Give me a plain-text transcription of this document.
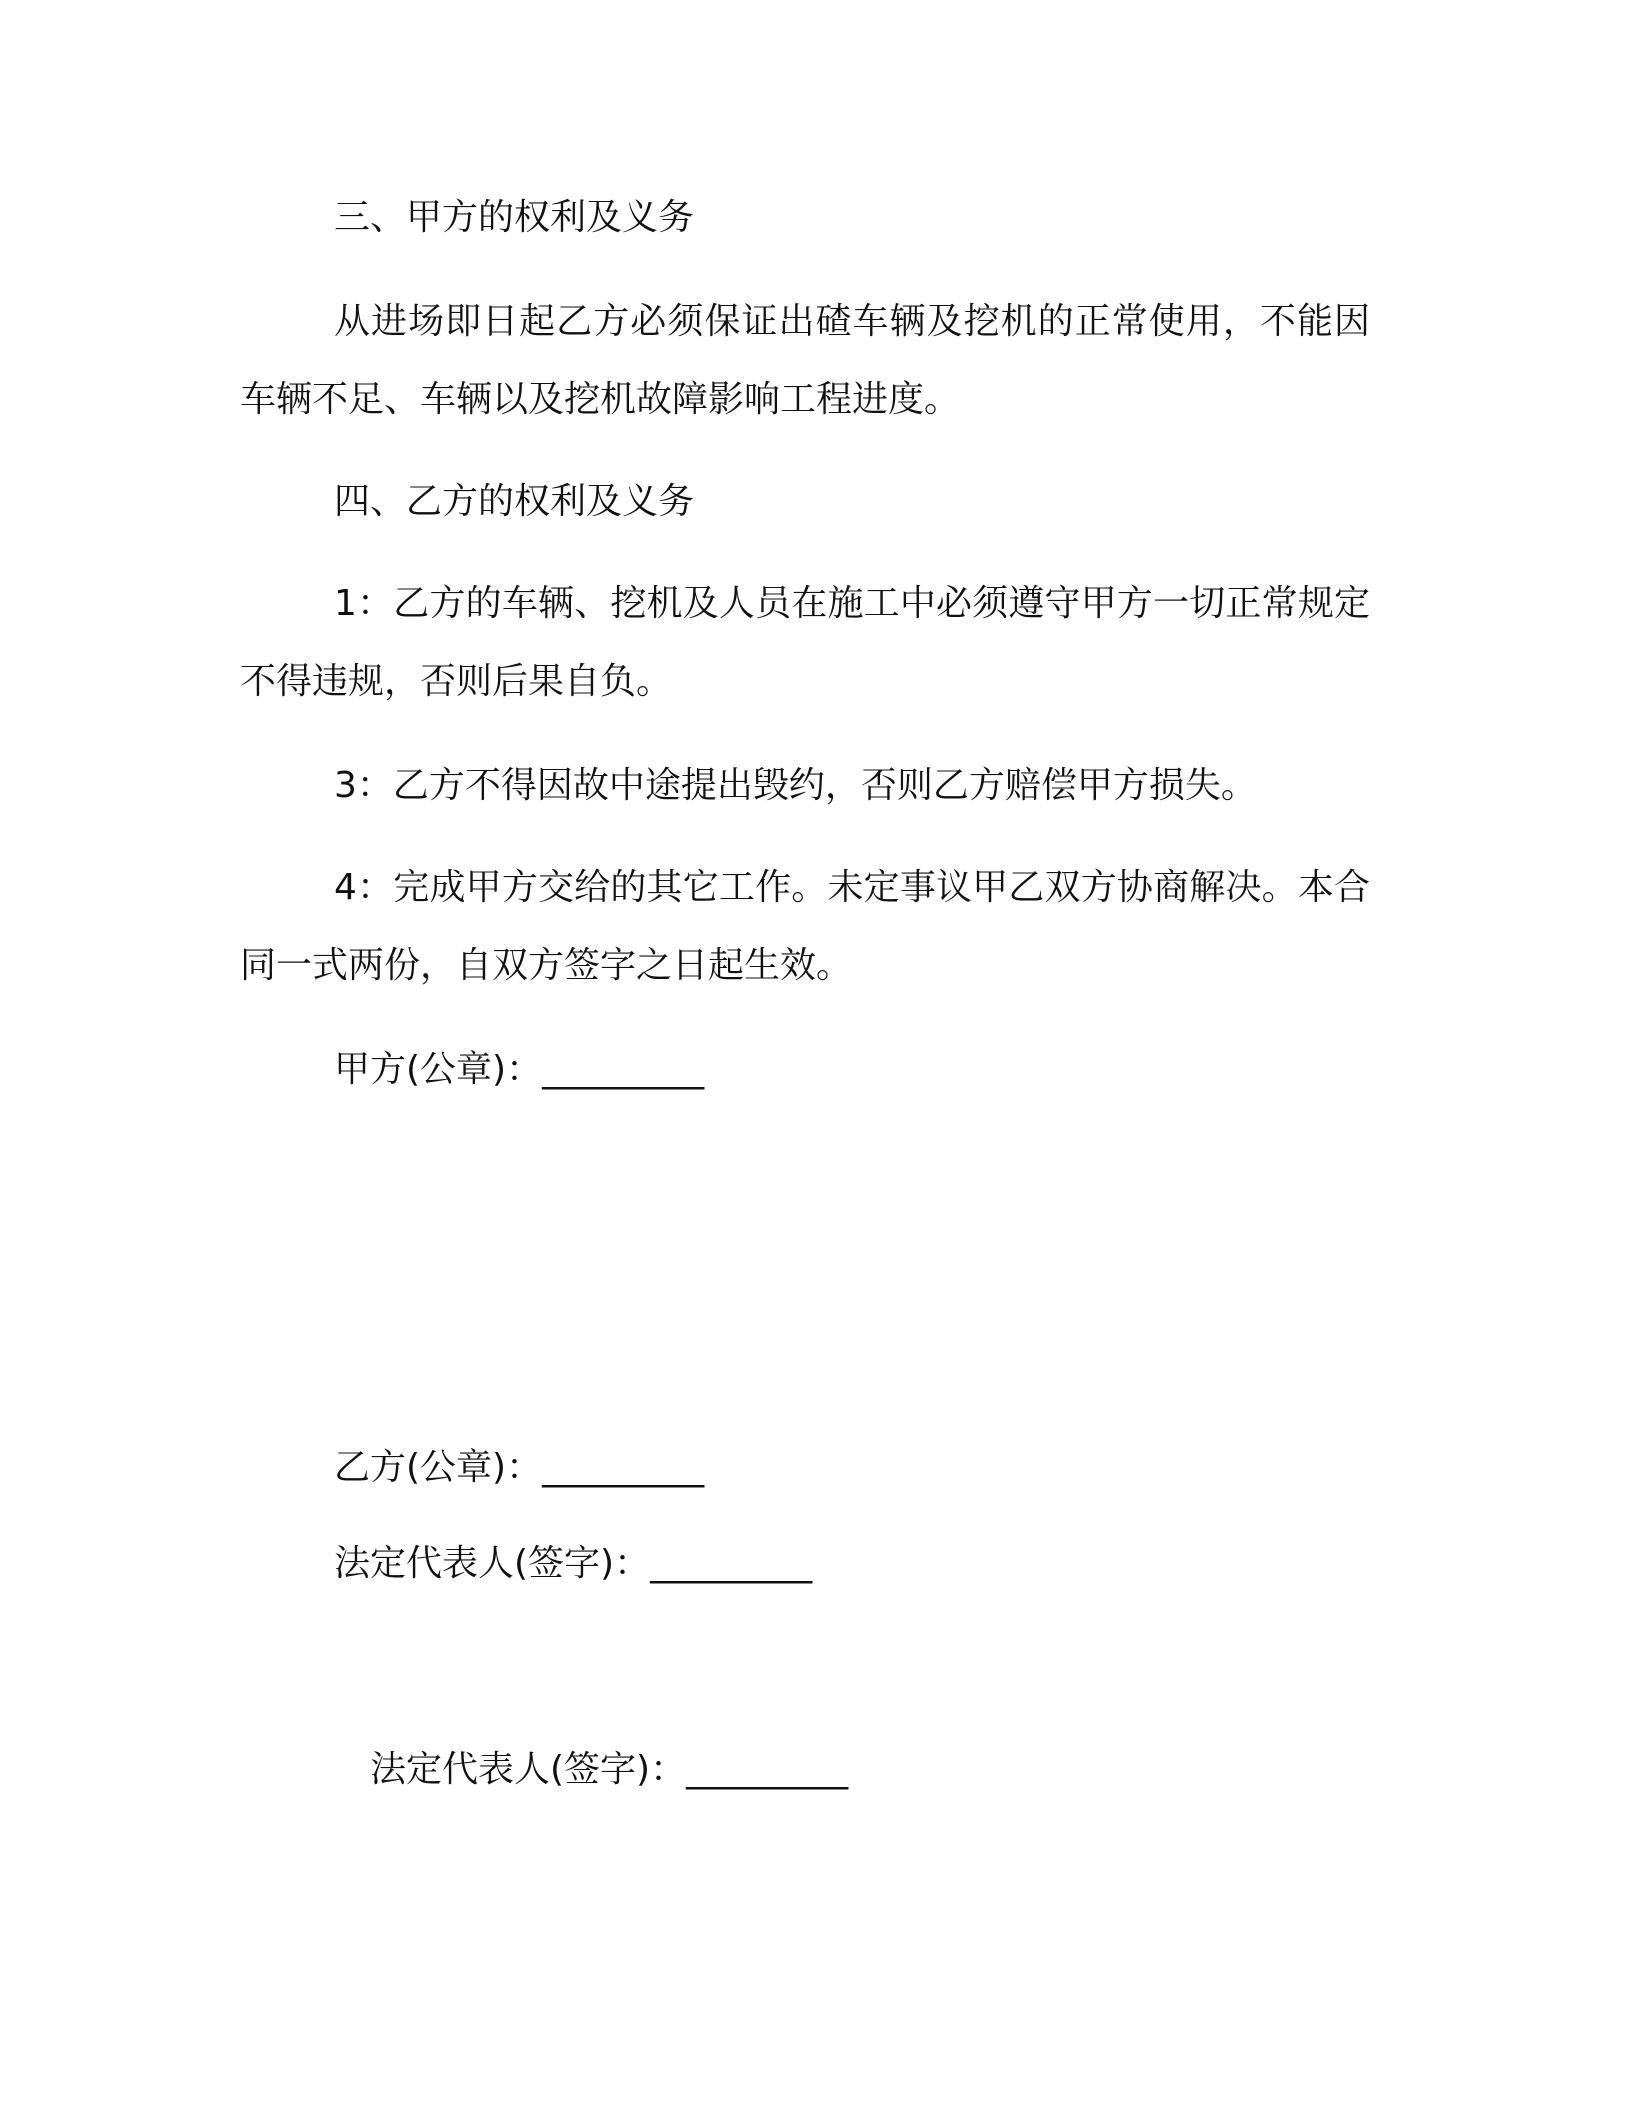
三、甲方的权利及义务

从进场即日起乙方必须保证出碴车辆及挖机的正常使用，不能因车辆不足、车辆以及挖机故障影响工程进度。

四、乙方的权利及义务

1：乙方的车辆、挖机及人员在施工中必须遵守甲方一切正常规定不得违规，否则后果自负。

3：乙方不得因故中途提出毁约，否则乙方赔偿甲方损失。

4：完成甲方交给的其它工作。未定事议甲乙双方协商解决。本合同一式两份，自双方签字之日起生效。

甲方(公章)：_________

乙方(公章)：_________

法定代表人(签字)：_________

法定代表人(签字)：_________
